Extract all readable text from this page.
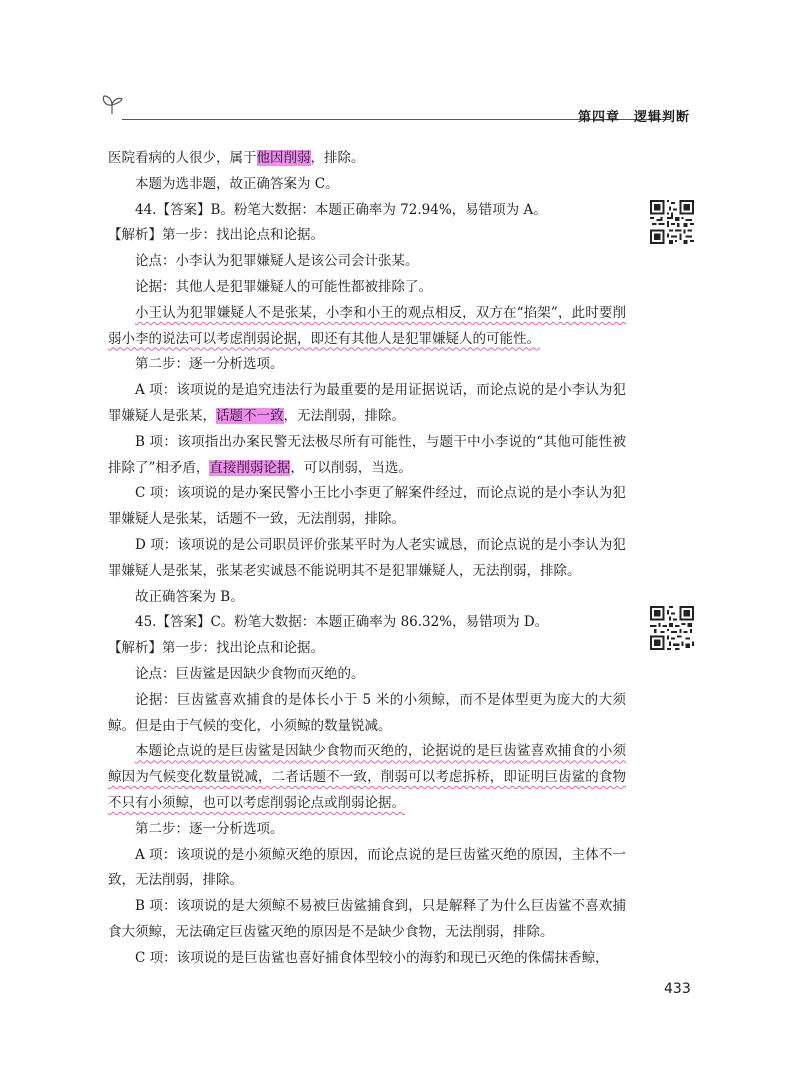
第四章 逻辑判断

医院看病的人很少，属于他因削弱，排除。

本题为选非题，故正确答案为 C。

44.【答案】B。粉笔大数据：本题正确率为 72.94%，易错项为 A。

【解析】第一步：找出论点和论据。

论点：小李认为犯罪嫌疑人是该公司会计张某。

论据：其他人是犯罪嫌疑人的可能性都被排除了。

小王认为犯罪嫌疑人不是张某，小李和小王的观点相反，双方在“掐架”，此时要削弱小李的说法可以考虑削弱论据，即还有其他人是犯罪嫌疑人的可能性。

第二步：逐一分析选项。

A 项：该项说的是追究违法行为最重要的是用证据说话，而论点说的是小李认为犯罪嫌疑人是张某，话题不一致，无法削弱，排除。

B 项：该项指出办案民警无法极尽所有可能性，与题干中小李说的“其他可能性被排除了”相矛盾，直接削弱论据，可以削弱，当选。

C 项：该项说的是办案民警小王比小李更了解案件经过，而论点说的是小李认为犯罪嫌疑人是张某，话题不一致，无法削弱，排除。

D 项：该项说的是公司职员评价张某平时为人老实诚恳，而论点说的是小李认为犯罪嫌疑人是张某，张某老实诚恳不能说明其不是犯罪嫌疑人，无法削弱，排除。

故正确答案为 B。

45.【答案】C。粉笔大数据：本题正确率为 86.32%，易错项为 D。

【解析】第一步：找出论点和论据。

论点：巨齿鲨是因缺少食物而灭绝的。

论据：巨齿鲨喜欢捕食的是体长小于 5 米的小须鲸，而不是体型更为庞大的大须鲸。但是由于气候的变化，小须鲸的数量锐减。

本题论点说的是巨齿鲨是因缺少食物而灭绝的，论据说的是巨齿鲨喜欢捕食的小须鲸因为气候变化数量锐减，二者话题不一致，削弱可以考虑拆桥，即证明巨齿鲨的食物不只有小须鲸，也可以考虑削弱论点或削弱论据。

第二步：逐一分析选项。

A 项：该项说的是小须鲸灭绝的原因，而论点说的是巨齿鲨灭绝的原因，主体不一致，无法削弱，排除。

B 项：该项说的是大须鲸不易被巨齿鲨捕食到，只是解释了为什么巨齿鲨不喜欢捕食大须鲸，无法确定巨齿鲨灭绝的原因是不是缺少食物，无法削弱，排除。

C 项：该项说的是巨齿鲨也喜好捕食体型较小的海豹和现已灭绝的侏儒抹香鲸，

433
